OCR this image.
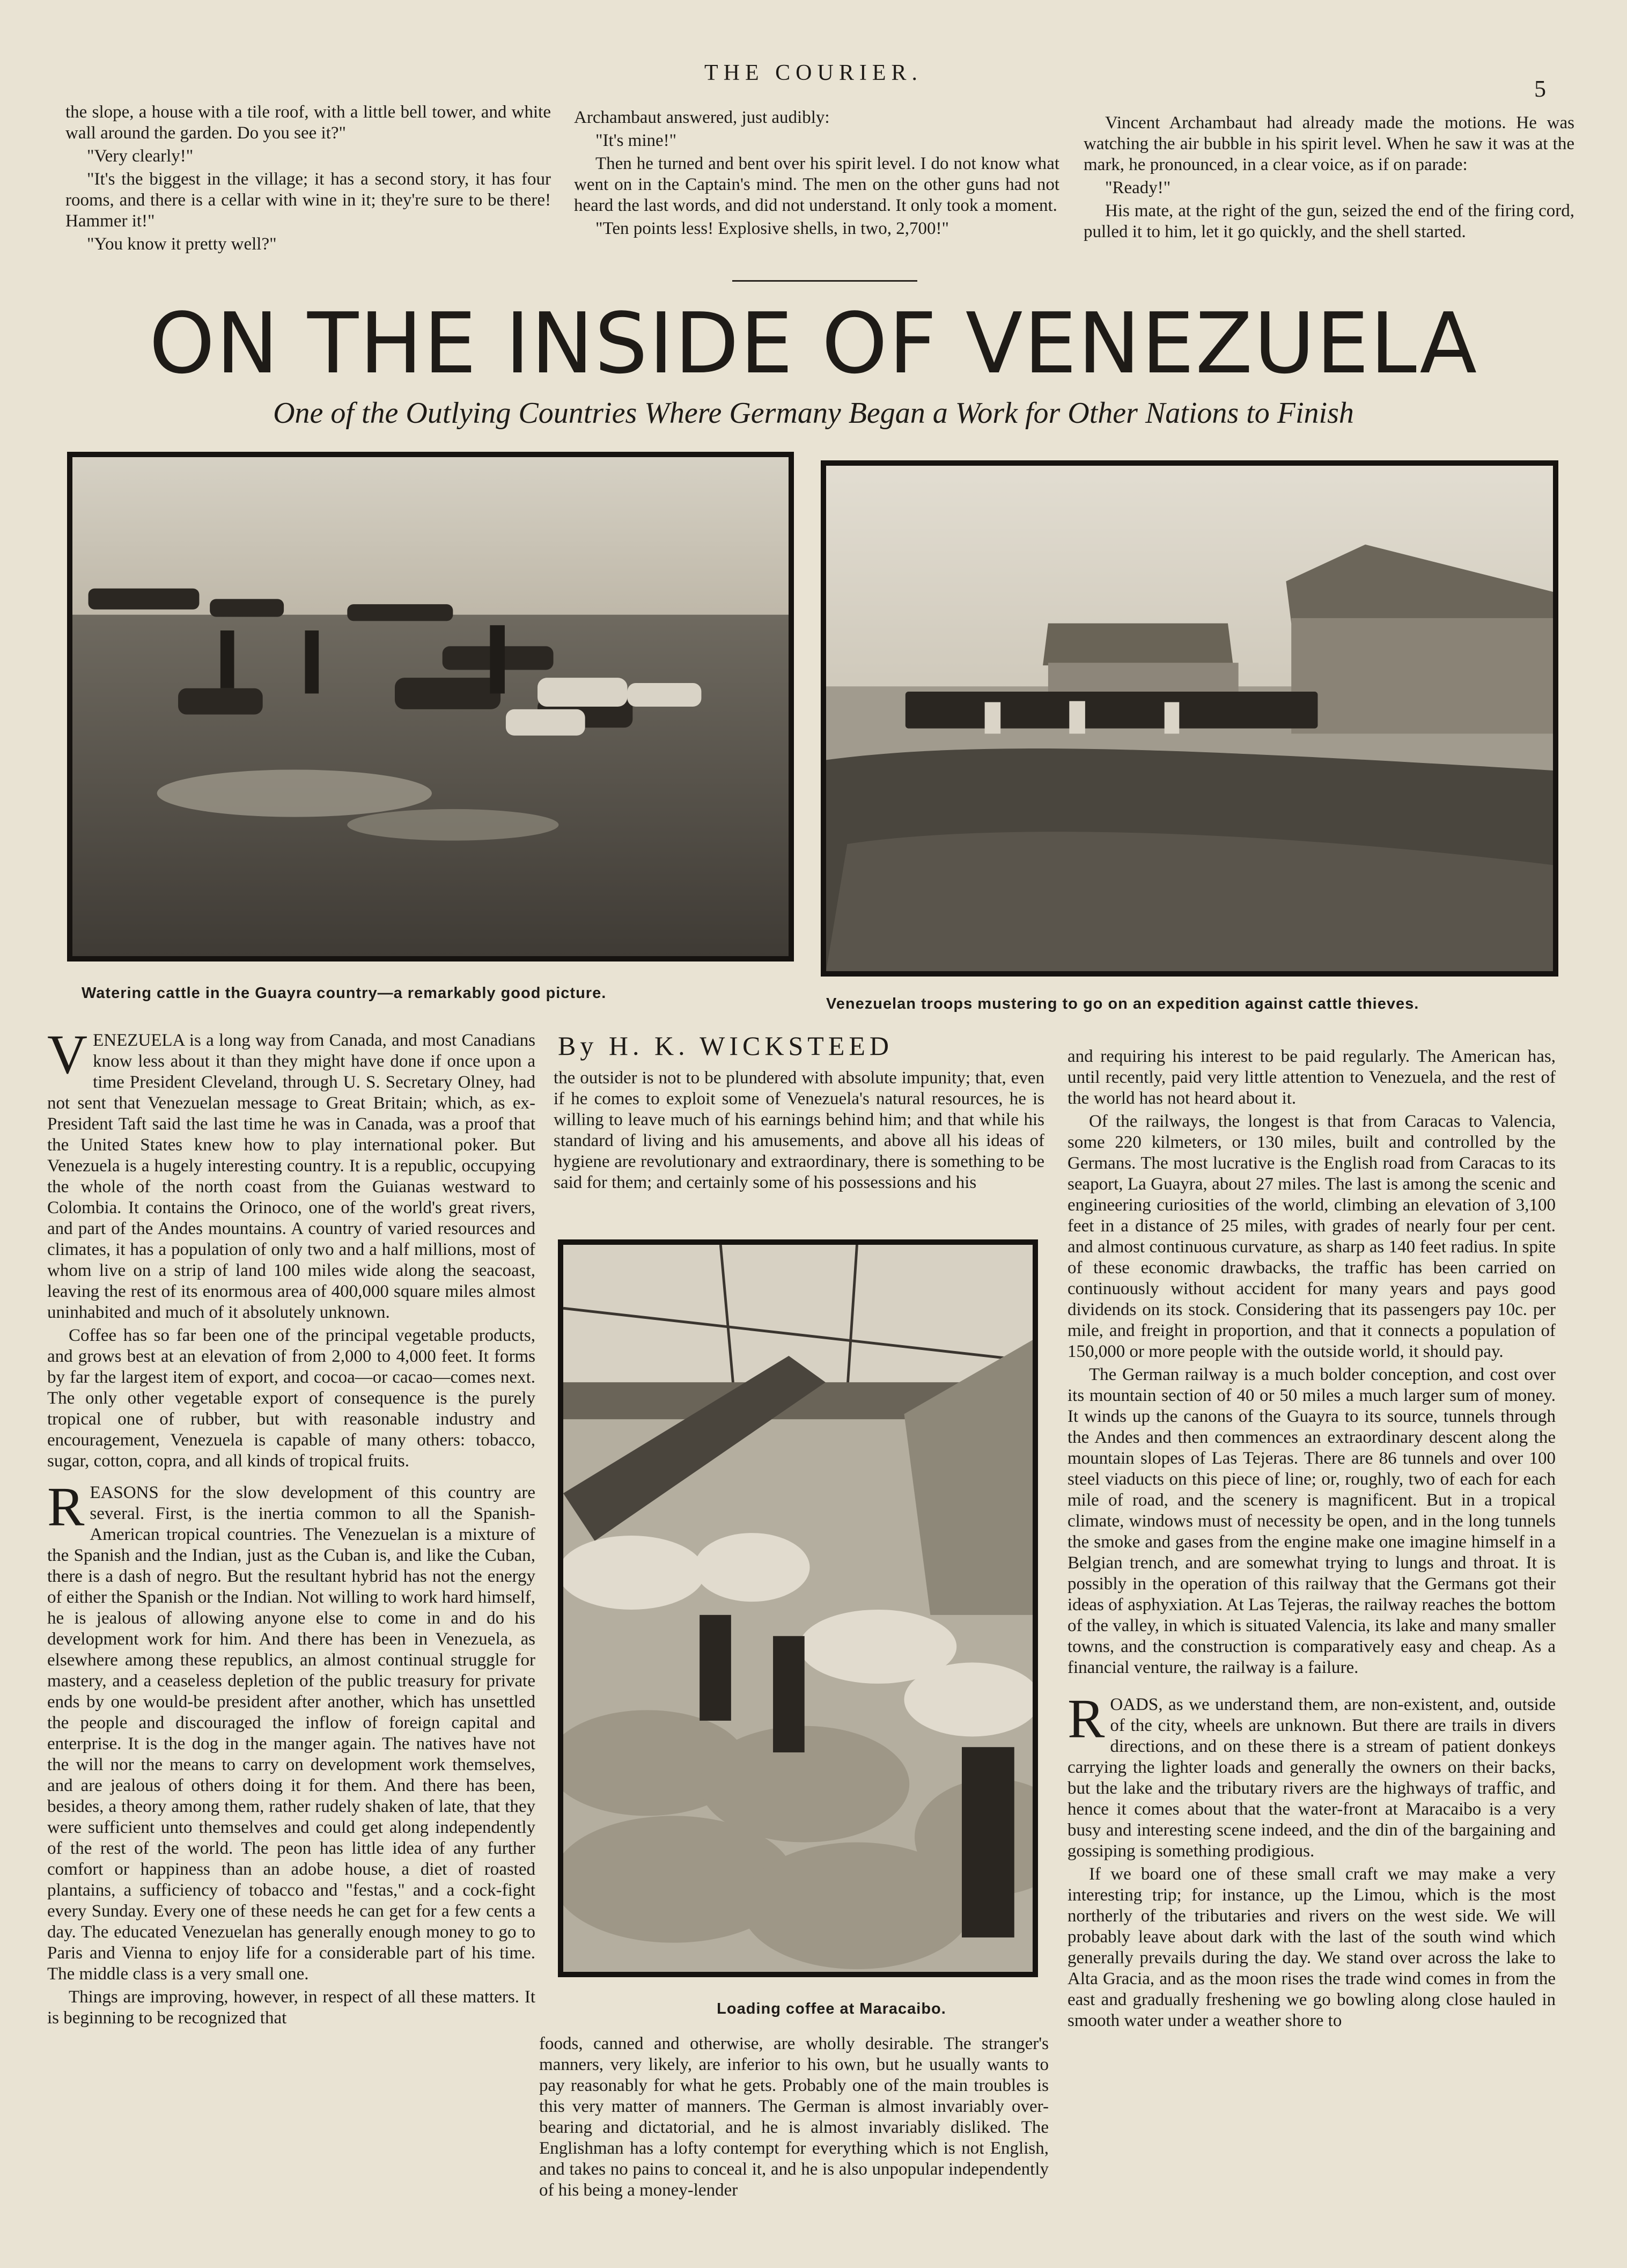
THE COURIER.
5

the slope, a house with a tile roof, with a little bell tower, and white wall around the garden. Do you see it?"

"Very clearly!"

"It's the biggest in the village; it has a second story, it has four rooms, and there is a cellar with wine in it; they're sure to be there! Hammer it!"

"You know it pretty well?"

Archambaut answered, just audibly:

"It's mine!"

Then he turned and bent over his spirit level. I do not know what went on in the Captain's mind. The men on the other guns had not heard the last words, and did not understand. It only took a moment.

"Ten points less! Explosive shells, in two, 2,700!"

Vincent Archambaut had already made the motions. He was watching the air bubble in his spirit level. When he saw it was at the mark, he pronounced, in a clear voice, as if on parade:

"Ready!"

His mate, at the right of the gun, seized the end of the firing cord, pulled it to him, let it go quickly, and the shell started.

ON THE INSIDE OF VENEZUELA
One of the Outlying Countries Where Germany Began a Work for Other Nations to Finish
Watering cattle in the Guayra country—a remarkably good picture.
Venezuelan troops mustering to go on an expedition against cattle thieves.
By H. K. WICKSTEED

VENEZUELA is a long way from Canada, and most Canadians know less about it than they might have done if once upon a time President Cleveland, through U. S. Secretary Olney, had not sent that Venezuelan message to Great Britain; which, as ex-President Taft said the last time he was in Canada, was a proof that the United States knew how to play international poker. But Venezuela is a hugely interesting country. It is a republic, occupying the whole of the north coast from the Guianas westward to Colombia. It contains the Orinoco, one of the world's great rivers, and part of the Andes mountains. A country of varied resources and climates, it has a population of only two and a half millions, most of whom live on a strip of land 100 miles wide along the seacoast, leaving the rest of its enormous area of 400,000 square miles almost uninhabited and much of it absolutely unknown.

Coffee has so far been one of the principal vegetable products, and grows best at an elevation of from 2,000 to 4,000 feet. It forms by far the largest item of export, and cocoa—or cacao—comes next. The only other vegetable export of consequence is the purely tropical one of rubber, but with reasonable industry and encouragement, Venezuela is capable of many others: tobacco, sugar, cotton, copra, and all kinds of tropical fruits.

REASONS for the slow development of this country are several. First, is the inertia common to all the Spanish-American tropical countries. The Venezuelan is a mixture of the Spanish and the Indian, just as the Cuban is, and like the Cuban, there is a dash of negro. But the resultant hybrid has not the energy of either the Spanish or the Indian. Not willing to work hard himself, he is jealous of allowing anyone else to come in and do his development work for him. And there has been in Venezuela, as elsewhere among these republics, an almost continual struggle for mastery, and a ceaseless depletion of the public treasury for private ends by one would-be president after another, which has unsettled the people and discouraged the inflow of foreign capital and enterprise. It is the dog in the manger again. The natives have not the will nor the means to carry on development work themselves, and are jealous of others doing it for them. And there has been, besides, a theory among them, rather rudely shaken of late, that they were sufficient unto themselves and could get along independently of the rest of the world. The peon has little idea of any further comfort or happiness than an adobe house, a diet of roasted plantains, a sufficiency of tobacco and "festas," and a cock-fight every Sunday. Every one of these needs he can get for a few cents a day. The educated Venezuelan has generally enough money to go to Paris and Vienna to enjoy life for a considerable part of his time. The middle class is a very small one.

Things are improving, however, in respect of all these matters. It is beginning to be recognized that

the outsider is not to be plundered with absolute impunity; that, even if he comes to exploit some of Venezuela's natural resources, he is willing to leave much of his earnings behind him; and that while his standard of living and his amusements, and above all his ideas of hygiene are revolutionary and extraordinary, there is something to be said for them; and certainly some of his possessions and his

Loading coffee at Maracaibo.

foods, canned and otherwise, are wholly desirable. The stranger's manners, very likely, are inferior to his own, but he usually wants to pay reasonably for what he gets. Probably one of the main troubles is this very matter of manners. The German is almost invariably over-bearing and dictatorial, and he is almost invariably disliked. The Englishman has a lofty contempt for everything which is not English, and takes no pains to conceal it, and he is also unpopular independently of his being a money-lender

and requiring his interest to be paid regularly. The American has, until recently, paid very little attention to Venezuela, and the rest of the world has not heard about it.

Of the railways, the longest is that from Caracas to Valencia, some 220 kilmeters, or 130 miles, built and controlled by the Germans. The most lucrative is the English road from Caracas to its seaport, La Guayra, about 27 miles. The last is among the scenic and engineering curiosities of the world, climbing an elevation of 3,100 feet in a distance of 25 miles, with grades of nearly four per cent. and almost continuous curvature, as sharp as 140 feet radius. In spite of these economic drawbacks, the traffic has been carried on continuously without accident for many years and pays good dividends on its stock. Considering that its passengers pay 10c. per mile, and freight in proportion, and that it connects a population of 150,000 or more people with the outside world, it should pay.

The German railway is a much bolder conception, and cost over its mountain section of 40 or 50 miles a much larger sum of money. It winds up the canons of the Guayra to its source, tunnels through the Andes and then commences an extraordinary descent along the mountain slopes of Las Tejeras. There are 86 tunnels and over 100 steel viaducts on this piece of line; or, roughly, two of each for each mile of road, and the scenery is magnificent. But in a tropical climate, windows must of necessity be open, and in the long tunnels the smoke and gases from the engine make one imagine himself in a Belgian trench, and are somewhat trying to lungs and throat. It is possibly in the operation of this railway that the Germans got their ideas of asphyxiation. At Las Tejeras, the railway reaches the bottom of the valley, in which is situated Valencia, its lake and many smaller towns, and the construction is comparatively easy and cheap. As a financial venture, the railway is a failure.

ROADS, as we understand them, are non-existent, and, outside of the city, wheels are unknown. But there are trails in divers directions, and on these there is a stream of patient donkeys carrying the lighter loads and generally the owners on their backs, but the lake and the tributary rivers are the highways of traffic, and hence it comes about that the water-front at Maracaibo is a very busy and interesting scene indeed, and the din of the bargaining and gossiping is something prodigious.

If we board one of these small craft we may make a very interesting trip; for instance, up the Limou, which is the most northerly of the tributaries and rivers on the west side. We will probably leave about dark with the last of the south wind which generally prevails during the day. We stand over across the lake to Alta Gracia, and as the moon rises the trade wind comes in from the east and gradually freshening we go bowling along close hauled in smooth water under a weather shore to
